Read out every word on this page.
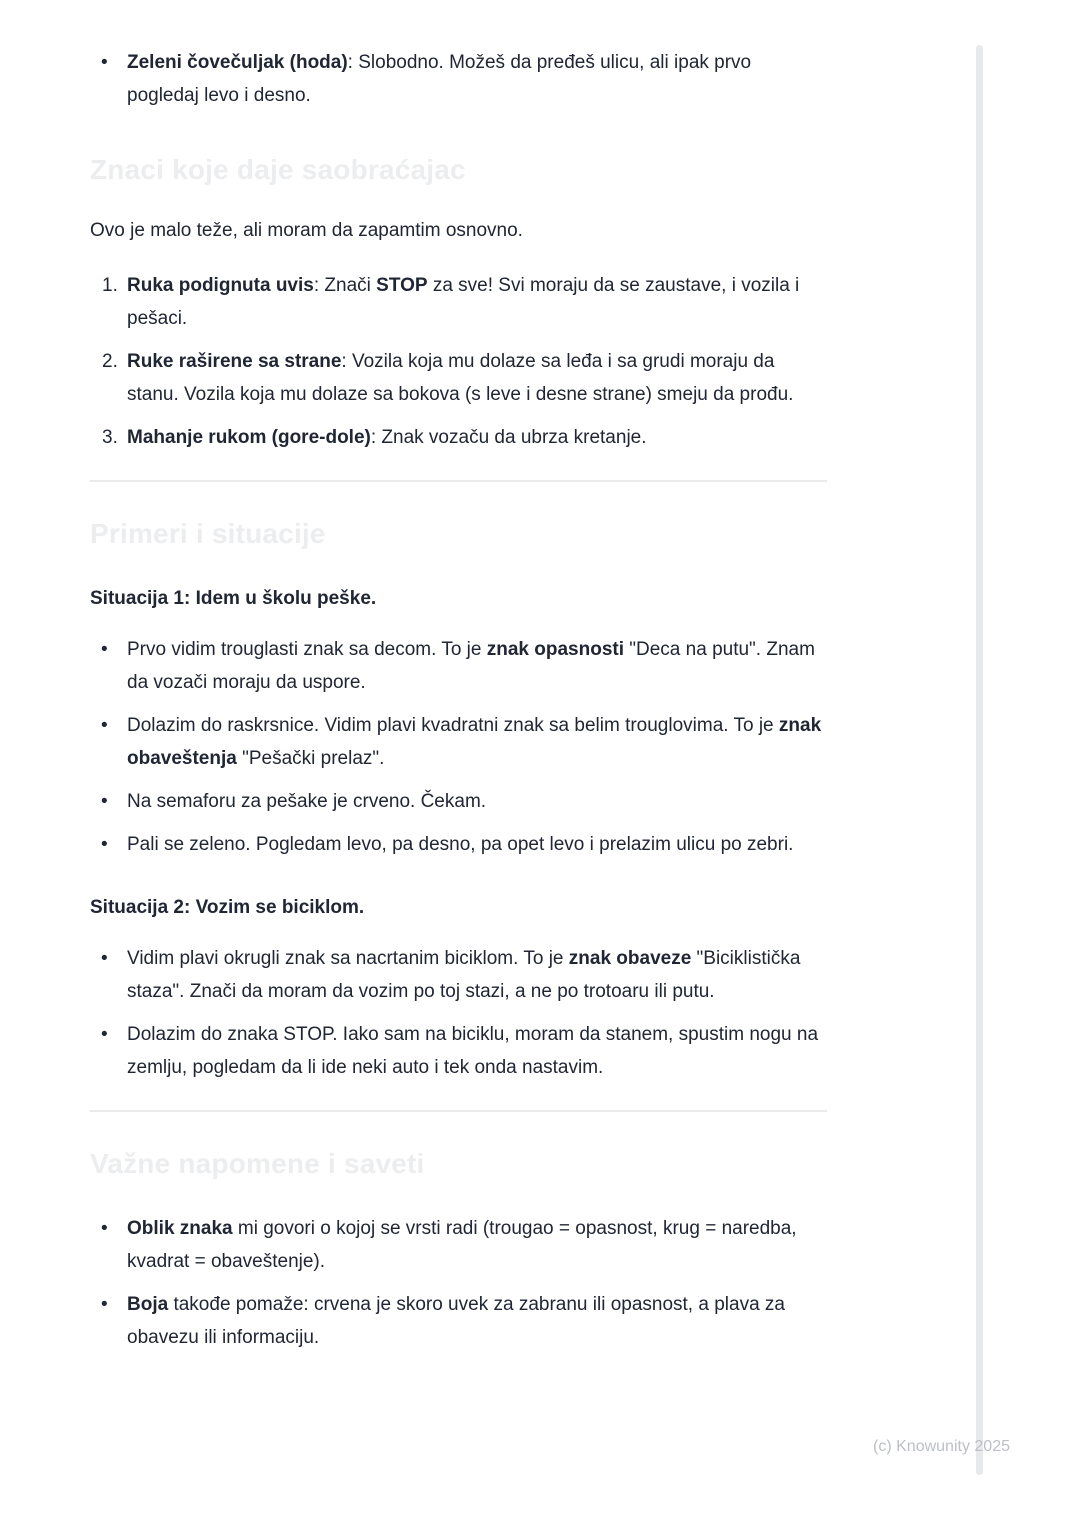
• Zeleni čovečuljak (hoda): Slobodno. Možeš da pređeš ulicu, ali ipak prvo pogledaj levo i desno.
Znaci koje daje saobraćajac

Ovo je malo teže, ali moram da zapamtim osnovno.

Ruka podignuta uvis: Znači STOP za sve! Svi moraju da se zaustave, i vozila i pešaci.
Ruke raširene sa strane: Vozila koja mu dolaze sa leđa i sa grudi moraju da stanu. Vozila koja mu dolaze sa bokova (s leve i desne strane) smeju da prođu.
Mahanje rukom (gore-dole): Znak vozaču da ubrza kretanje.
Primeri i situacije

Situacija 1: Idem u školu peške.

• Prvo vidim trouglasti znak sa decom. To je znak opasnosti "Deca na putu". Znam da vozači moraju da uspore.
• Dolazim do raskrsnice. Vidim plavi kvadratni znak sa belim trouglovima. To je znak obaveštenja "Pešački prelaz".
• Na semaforu za pešake je crveno. Čekam.
• Pali se zeleno. Pogledam levo, pa desno, pa opet levo i prelazim ulicu po zebri.

Situacija 2: Vozim se biciklom.

• Vidim plavi okrugli znak sa nacrtanim biciklom. To je znak obaveze "Biciklistička staza". Znači da moram da vozim po toj stazi, a ne po trotoaru ili putu.
• Dolazim do znaka STOP. Iako sam na biciklu, moram da stanem, spustim nogu na zemlju, pogledam da li ide neki auto i tek onda nastavim.
Važne napomene i saveti
• Oblik znaka mi govori o kojoj se vrsti radi (trougao = opasnost, krug = naredba, kvadrat = obaveštenje).
• Boja takođe pomaže: crvena je skoro uvek za zabranu ili opasnost, a plava za obavezu ili informaciju.
(c) Knowunity 2025
